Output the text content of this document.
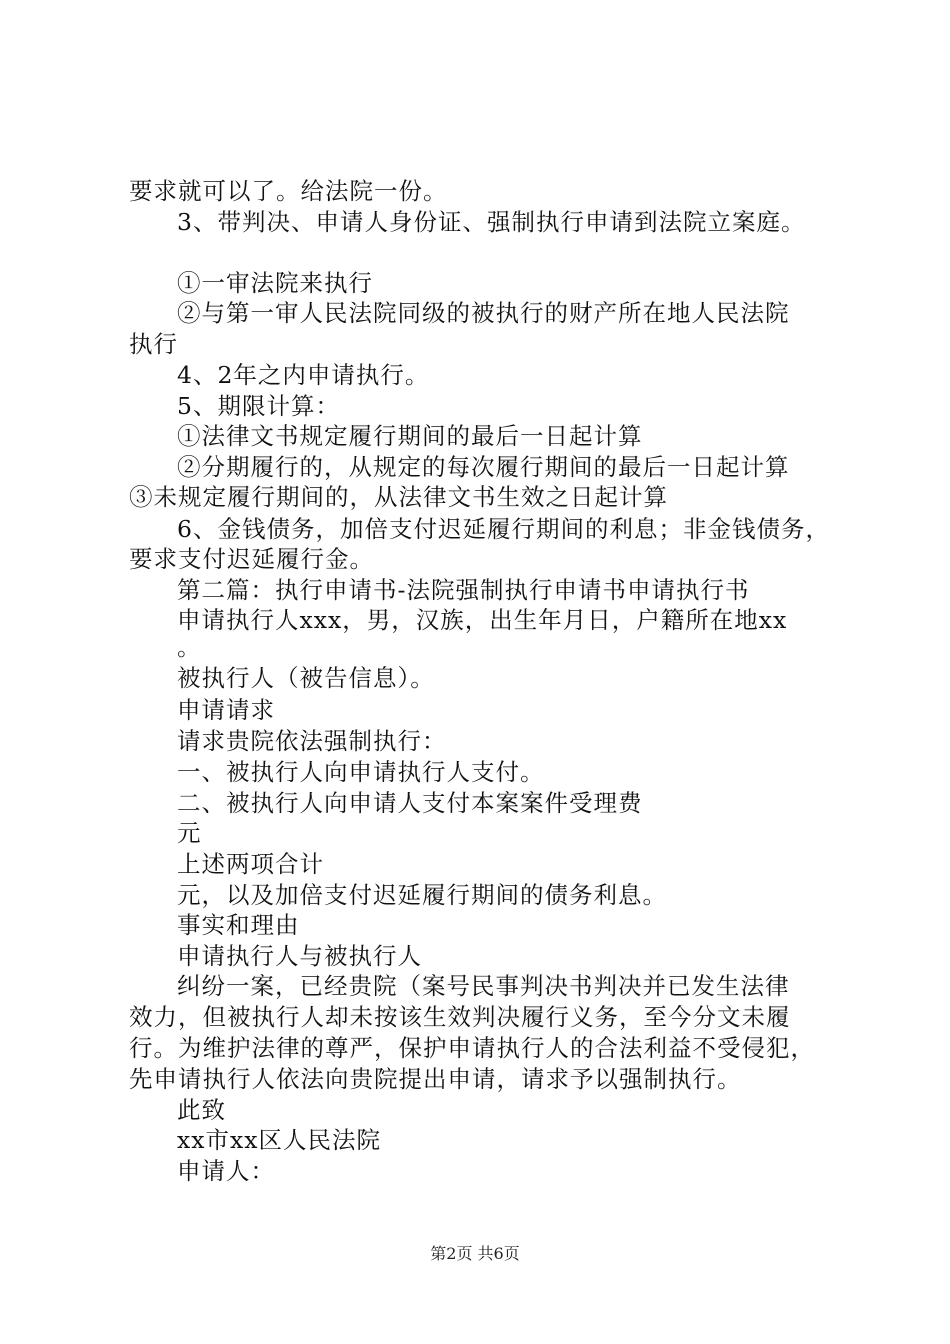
要求就可以了。给法院一份。
3、带判决、申请人身份证、强制执行申请到法院立案庭。
①一审法院来执行
②与第一审人民法院同级的被执行的财产所在地人民法院
执行
4、2年之内申请执行。
5、期限计算：
①法律文书规定履行期间的最后一日起计算
②分期履行的，从规定的每次履行期间的最后一日起计算
③未规定履行期间的，从法律文书生效之日起计算
6、金钱债务，加倍支付迟延履行期间的利息；非金钱债务，
要求支付迟延履行金。
第二篇：执行申请书-法院强制执行申请书申请执行书
申请执行人xxx，男，汉族，出生年月日，户籍所在地xx
。
被执行人（被告信息）。
申请请求
请求贵院依法强制执行：
一、被执行人向申请执行人支付。
二、被执行人向申请人支付本案案件受理费
元
上述两项合计
元，以及加倍支付迟延履行期间的债务利息。
事实和理由
申请执行人与被执行人
纠纷一案，已经贵院（案号民事判决书判决并已发生法律
效力，但被执行人却未按该生效判决履行义务，至今分文未履
行。为维护法律的尊严，保护申请执行人的合法利益不受侵犯，
先申请执行人依法向贵院提出申请，请求予以强制执行。
此致
xx市xx区人民法院
申请人：
第2页 共6页
